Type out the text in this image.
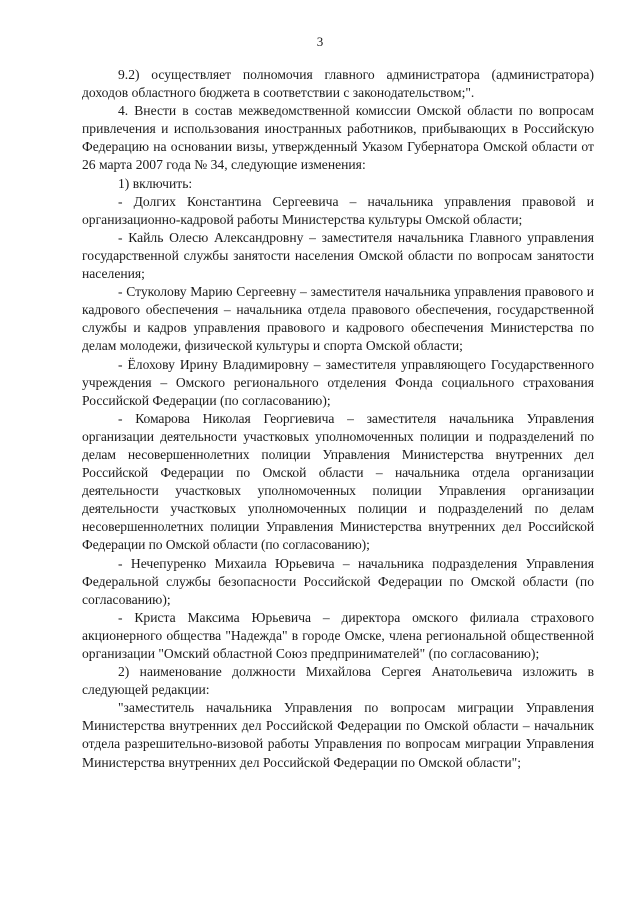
3

9.2) осуществляет полномочия главного администратора (администратора) доходов областного бюджета в соответствии с законодательством;".

4. Внести в состав межведомственной комиссии Омской области по вопросам привлечения и использования иностранных работников, прибывающих в Российскую Федерацию на основании визы, утвержденный Указом Губернатора Омской области от 26 марта 2007 года № 34, следующие изменения:

1) включить:

- Долгих Константина Сергеевича – начальника управления правовой и организационно-кадровой работы Министерства культуры Омской области;

- Кайль Олесю Александровну – заместителя начальника Главного управления государственной службы занятости населения Омской области по вопросам занятости населения;

- Стуколову Марию Сергеевну – заместителя начальника управления правового и кадрового обеспечения – начальника отдела правового обеспечения, государственной службы и кадров управления правового и кадрового обеспечения Министерства по делам молодежи, физической культуры и спорта Омской области;

- Ёлохову Ирину Владимировну – заместителя управляющего Государственного учреждения – Омского регионального отделения Фонда социального страхования Российской Федерации (по согласованию);

- Комарова Николая Георгиевича – заместителя начальника Управления организации деятельности участковых уполномоченных полиции и подразделений по делам несовершеннолетних полиции Управления Министерства внутренних дел Российской Федерации по Омской области – начальника отдела организации деятельности участковых уполномоченных полиции Управления организации деятельности участковых уполномоченных полиции и подразделений по делам несовершеннолетних полиции Управления Министерства внутренних дел Российской Федерации по Омской области (по согласованию);

- Нечепуренко Михаила Юрьевича – начальника подразделения Управления Федеральной службы безопасности Российской Федерации по Омской области (по согласованию);

- Криста Максима Юрьевича – директора омского филиала страхового акционерного общества "Надежда" в городе Омске, члена региональной общественной организации "Омский областной Союз предпринимателей" (по согласованию);

2) наименование должности Михайлова Сергея Анатольевича изложить в следующей редакции:

"заместитель начальника Управления по вопросам миграции Управления Министерства внутренних дел Российской Федерации по Омской области – начальник отдела разрешительно-визовой работы Управления по вопросам миграции Управления Министерства внутренних дел Российской Федерации по Омской области";
